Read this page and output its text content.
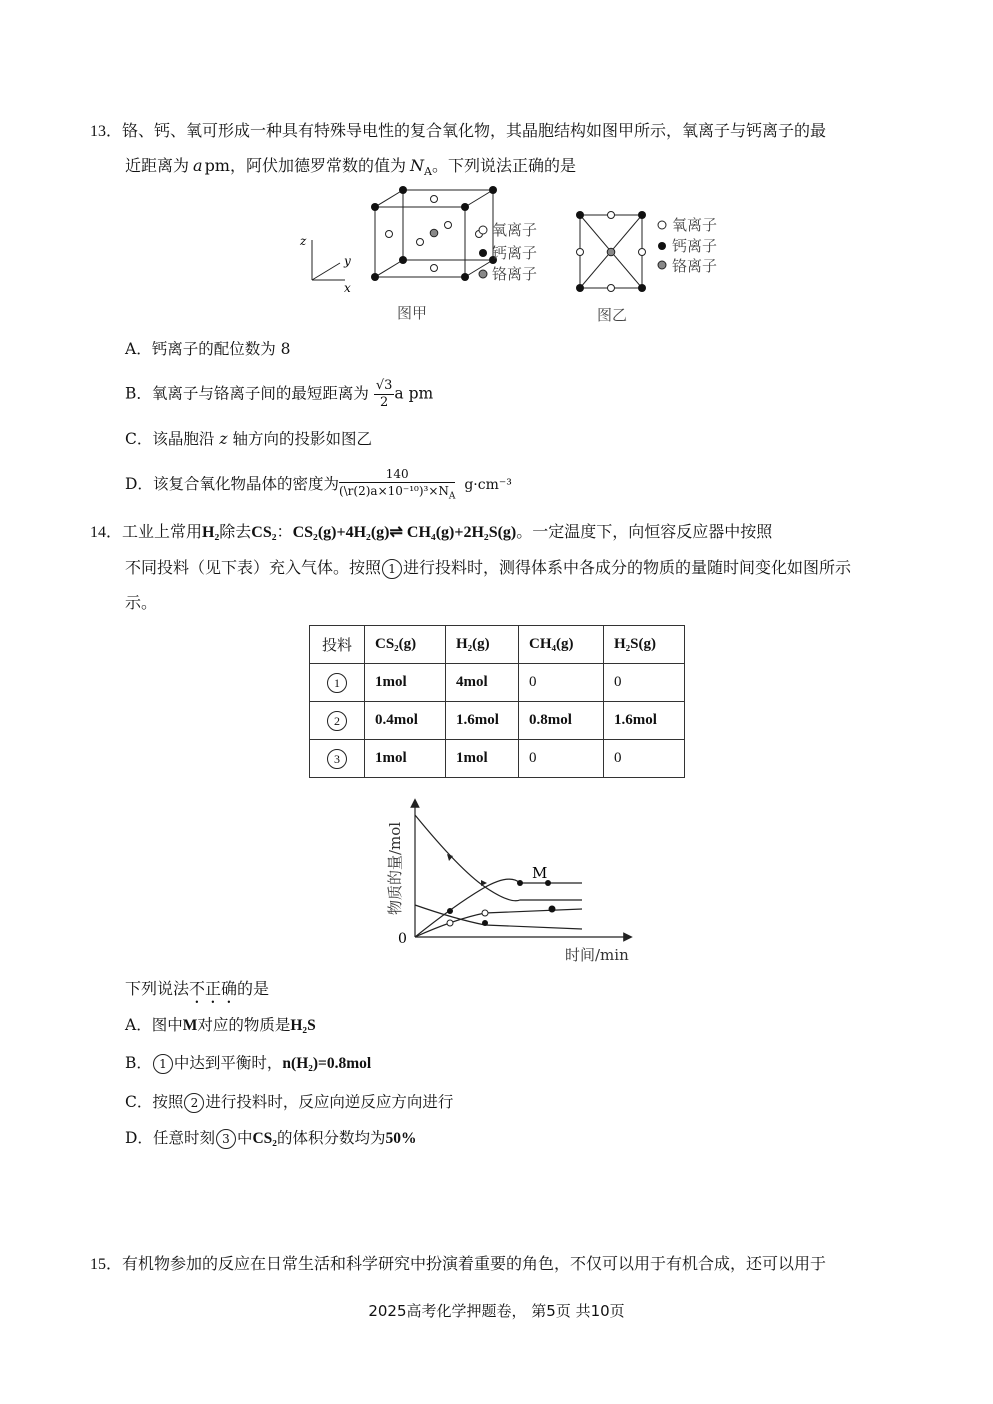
13．铬、钙、氧可形成一种具有特殊导电性的复合氧化物，其晶胞结构如图甲所示，氧离子与钙离子的最
近距离为 a pm，阿伏加德罗常数的值为 $N_A$。下列说法正确的是
z
y
x
氧离子
钙离子
铬离子
图甲
氧离子
钙离子
铬离子
图乙
A．钙离子的配位数为 8
B．氧离子与铬离子间的最短距离为 $\frac{√3}{2}$ a pm
C．该晶胞沿 z 轴方向的投影如图乙
D．该复合氧化物晶体的密度为 $\frac{140}{(\backslash r(2)a\times 10^{-10})^3\times N_A} g\cdot cm^{-3}$
14．工业上常用H₂除去CS₂：CS₂(g)+4H₂(g)⇌ CH₄(g)+2H₂S(g)。一定温度下，向恒容反应器中按照
不同投料（见下表）充入气体。按照 1 进行投料时，测得体系中各成分的物质的量随时间变化如图所示
示。
投料	CS₂(g)	H₂(g)	CH₄(g)	H₂S(g)
1	1mol	4mol	0	0
2	0.4mol	1.6mol	0.8mol	1.6mol
3	1mol	1mol	0	0
0
时间/min
物质的量/mol	M
下列说法不正确的是
A．图中M对应的物质是H₂S
B． 1 中达到平衡时，n(H₂)=0.8mol
C．按照 2 进行投料时，反应向逆反应方向进行
D．任意时刻 3 中CS₂的体积分数均为50%
15．有机物参加的反应在日常生活和科学研究中扮演着重要的角色，不仅可以用于有机合成，还可以用于
2025高考化学押题卷， 第5页 共10页
